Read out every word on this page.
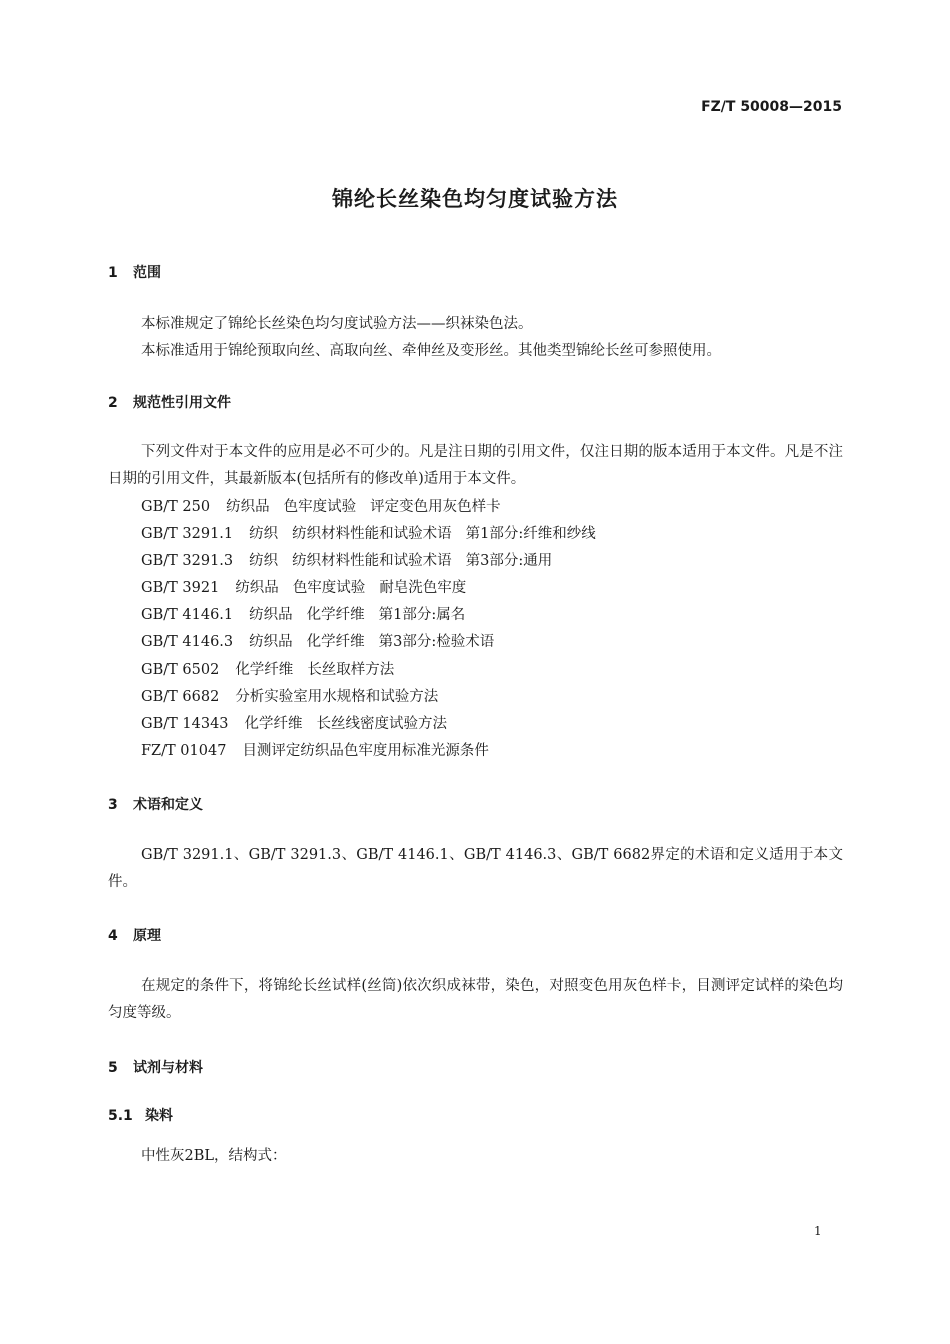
FZ/T 50008—2015
锦纶长丝染色均匀度试验方法
1 范围
本标准规定了锦纶长丝染色均匀度试验方法——织袜染色法。
本标准适用于锦纶预取向丝、高取向丝、牵伸丝及变形丝。其他类型锦纶长丝可参照使用。
2 规范性引用文件

下列文件对于本文件的应用是必不可少的。凡是注日期的引用文件，仅注日期的版本适用于本文件。凡是不注日期的引用文件，其最新版本(包括所有的修改单)适用于本文件。

GB/T 250 纺织品 色牢度试验 评定变色用灰色样卡
GB/T 3291.1 纺织 纺织材料性能和试验术语 第1部分:纤维和纱线
GB/T 3291.3 纺织 纺织材料性能和试验术语 第3部分:通用
GB/T 3921 纺织品 色牢度试验 耐皂洗色牢度
GB/T 4146.1 纺织品 化学纤维 第1部分:属名
GB/T 4146.3 纺织品 化学纤维 第3部分:检验术语
GB/T 6502 化学纤维 长丝取样方法
GB/T 6682 分析实验室用水规格和试验方法
GB/T 14343 化学纤维 长丝线密度试验方法
FZ/T 01047 目测评定纺织品色牢度用标准光源条件
3 术语和定义

GB/T 3291.1、GB/T 3291.3、GB/T 4146.1、GB/T 4146.3、GB/T 6682界定的术语和定义适用于本文件。

4 原理

在规定的条件下，将锦纶长丝试样(丝筒)依次织成袜带，染色，对照变色用灰色样卡，目测评定试样的染色均匀度等级。

5 试剂与材料
5.1 染料
中性灰2BL，结构式：
1
